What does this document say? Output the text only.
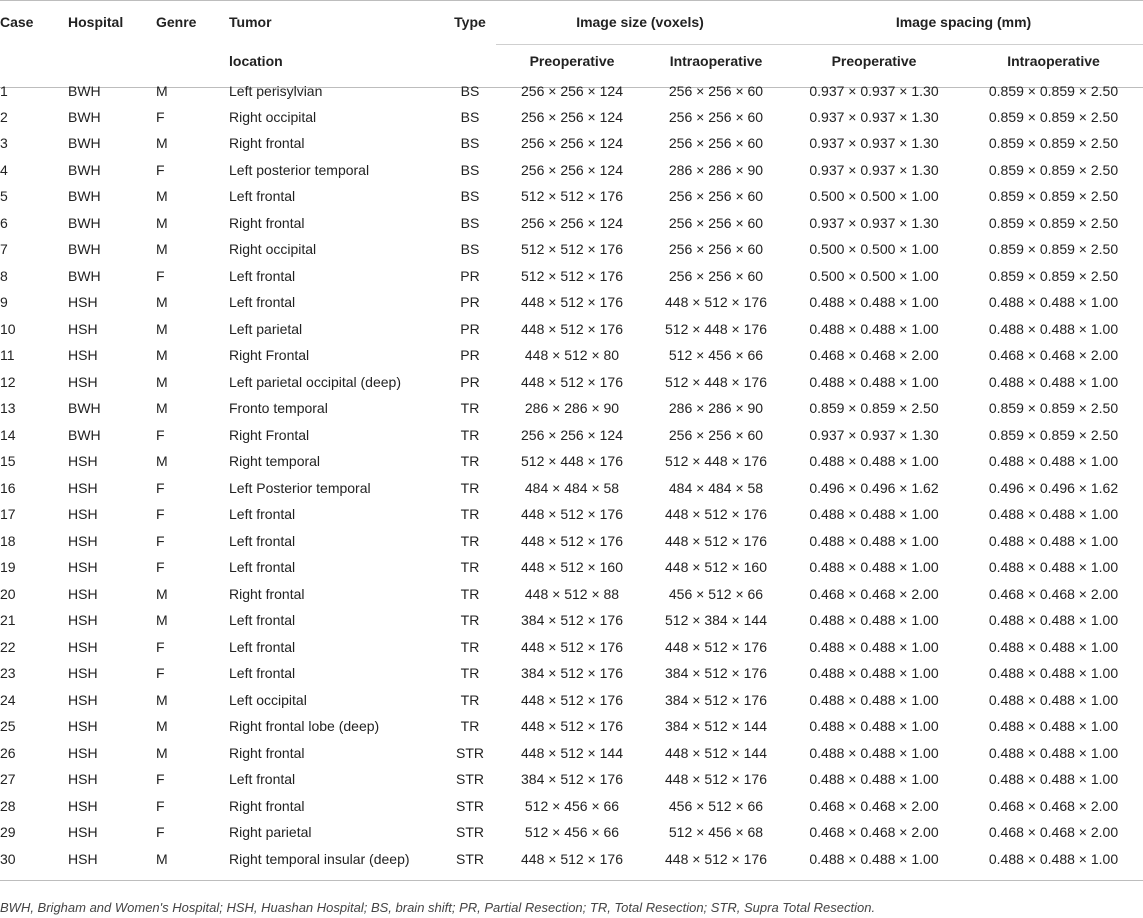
Case	Hospital	Genre	Tumor	Type	Image size (voxels)		Image spacing (mm)	
			location		Preoperative	Intraoperative	Preoperative	Intraoperative
1	BWH	M	Left perisylvian	BS	256 × 256 × 124	256 × 256 × 60	0.937 × 0.937 × 1.30	0.859 × 0.859 × 2.50
2	BWH	F	Right occipital	BS	256 × 256 × 124	256 × 256 × 60	0.937 × 0.937 × 1.30	0.859 × 0.859 × 2.50
3	BWH	M	Right frontal	BS	256 × 256 × 124	256 × 256 × 60	0.937 × 0.937 × 1.30	0.859 × 0.859 × 2.50
4	BWH	F	Left posterior temporal	BS	256 × 256 × 124	286 × 286 × 90	0.937 × 0.937 × 1.30	0.859 × 0.859 × 2.50
5	BWH	M	Left frontal	BS	512 × 512 × 176	256 × 256 × 60	0.500 × 0.500 × 1.00	0.859 × 0.859 × 2.50
6	BWH	M	Right frontal	BS	256 × 256 × 124	256 × 256 × 60	0.937 × 0.937 × 1.30	0.859 × 0.859 × 2.50
7	BWH	M	Right occipital	BS	512 × 512 × 176	256 × 256 × 60	0.500 × 0.500 × 1.00	0.859 × 0.859 × 2.50
8	BWH	F	Left frontal	PR	512 × 512 × 176	256 × 256 × 60	0.500 × 0.500 × 1.00	0.859 × 0.859 × 2.50
9	HSH	M	Left frontal	PR	448 × 512 × 176	448 × 512 × 176	0.488 × 0.488 × 1.00	0.488 × 0.488 × 1.00
10	HSH	M	Left parietal	PR	448 × 512 × 176	512 × 448 × 176	0.488 × 0.488 × 1.00	0.488 × 0.488 × 1.00
11	HSH	M	Right Frontal	PR	448 × 512 × 80	512 × 456 × 66	0.468 × 0.468 × 2.00	0.468 × 0.468 × 2.00
12	HSH	M	Left parietal occipital (deep)	PR	448 × 512 × 176	512 × 448 × 176	0.488 × 0.488 × 1.00	0.488 × 0.488 × 1.00
13	BWH	M	Fronto temporal	TR	286 × 286 × 90	286 × 286 × 90	0.859 × 0.859 × 2.50	0.859 × 0.859 × 2.50
14	BWH	F	Right Frontal	TR	256 × 256 × 124	256 × 256 × 60	0.937 × 0.937 × 1.30	0.859 × 0.859 × 2.50
15	HSH	M	Right temporal	TR	512 × 448 × 176	512 × 448 × 176	0.488 × 0.488 × 1.00	0.488 × 0.488 × 1.00
16	HSH	F	Left Posterior temporal	TR	484 × 484 × 58	484 × 484 × 58	0.496 × 0.496 × 1.62	0.496 × 0.496 × 1.62
17	HSH	F	Left frontal	TR	448 × 512 × 176	448 × 512 × 176	0.488 × 0.488 × 1.00	0.488 × 0.488 × 1.00
18	HSH	F	Left frontal	TR	448 × 512 × 176	448 × 512 × 176	0.488 × 0.488 × 1.00	0.488 × 0.488 × 1.00
19	HSH	F	Left frontal	TR	448 × 512 × 160	448 × 512 × 160	0.488 × 0.488 × 1.00	0.488 × 0.488 × 1.00
20	HSH	M	Right frontal	TR	448 × 512 × 88	456 × 512 × 66	0.468 × 0.468 × 2.00	0.468 × 0.468 × 2.00
21	HSH	M	Left frontal	TR	384 × 512 × 176	512 × 384 × 144	0.488 × 0.488 × 1.00	0.488 × 0.488 × 1.00
22	HSH	F	Left frontal	TR	448 × 512 × 176	448 × 512 × 176	0.488 × 0.488 × 1.00	0.488 × 0.488 × 1.00
23	HSH	F	Left frontal	TR	384 × 512 × 176	384 × 512 × 176	0.488 × 0.488 × 1.00	0.488 × 0.488 × 1.00
24	HSH	M	Left occipital	TR	448 × 512 × 176	384 × 512 × 176	0.488 × 0.488 × 1.00	0.488 × 0.488 × 1.00
25	HSH	M	Right frontal lobe (deep)	TR	448 × 512 × 176	384 × 512 × 144	0.488 × 0.488 × 1.00	0.488 × 0.488 × 1.00
26	HSH	M	Right frontal	STR	448 × 512 × 144	448 × 512 × 144	0.488 × 0.488 × 1.00	0.488 × 0.488 × 1.00
27	HSH	F	Left frontal	STR	384 × 512 × 176	448 × 512 × 176	0.488 × 0.488 × 1.00	0.488 × 0.488 × 1.00
28	HSH	F	Right frontal	STR	512 × 456 × 66	456 × 512 × 66	0.468 × 0.468 × 2.00	0.468 × 0.468 × 2.00
29	HSH	F	Right parietal	STR	512 × 456 × 66	512 × 456 × 68	0.468 × 0.468 × 2.00	0.468 × 0.468 × 2.00
30	HSH	M	Right temporal insular (deep)	STR	448 × 512 × 176	448 × 512 × 176	0.488 × 0.488 × 1.00	0.488 × 0.488 × 1.00
BWH, Brigham and Women's Hospital; HSH, Huashan Hospital; BS, brain shift; PR, Partial Resection; TR, Total Resection; STR, Supra Total Resection.
